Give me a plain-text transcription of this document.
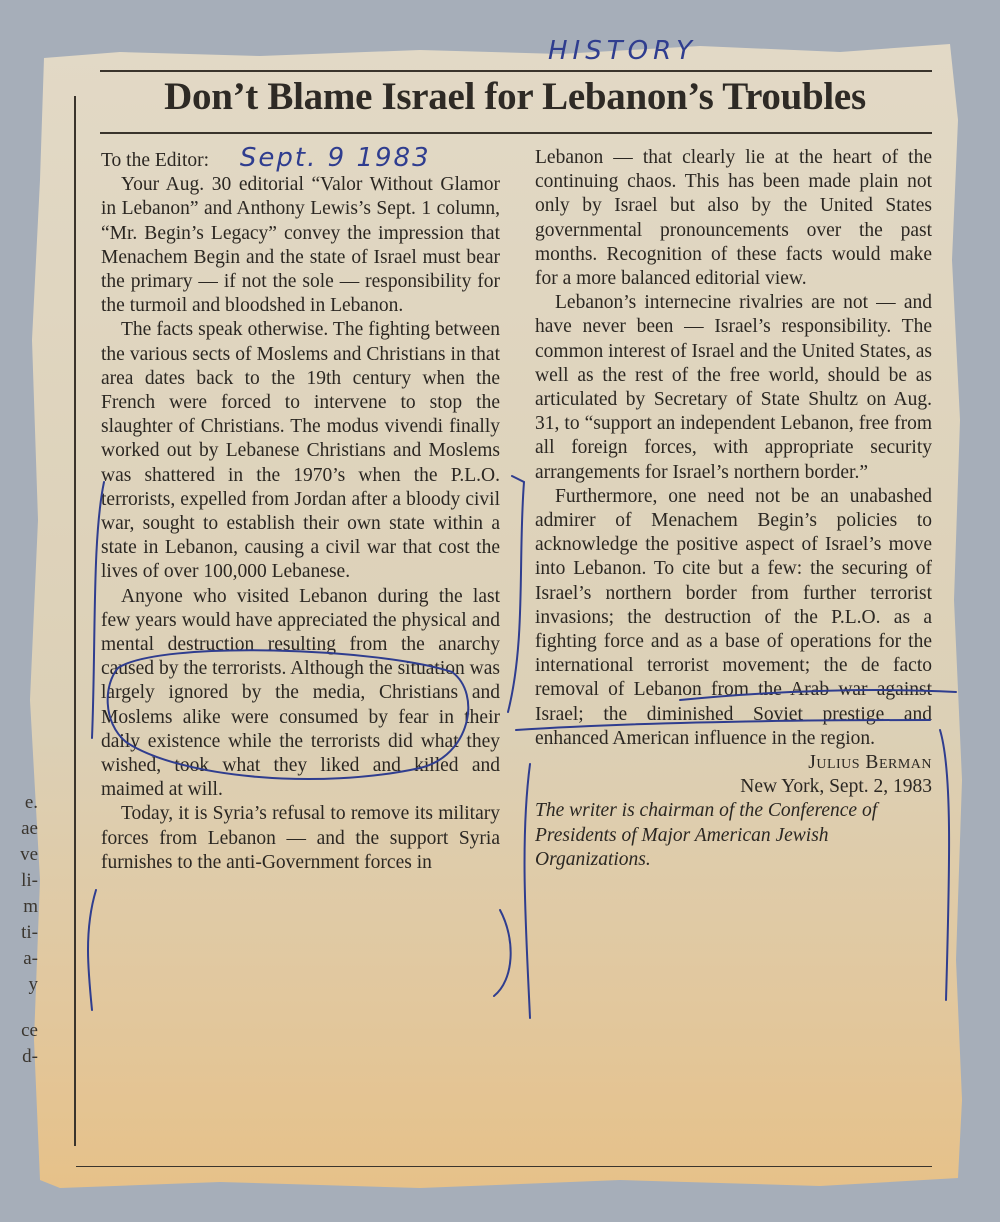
HISTORY
Don’t Blame Israel for Lebanon’s Troubles
e.
ae
ve
li-
m
ti-
a-
y
ce
d-

To the Editor: Sept. 9 1983

Your Aug. 30 editorial “Valor Without Glamor in Lebanon” and Anthony Lewis’s Sept. 1 column, “Mr. Begin’s Legacy” convey the impression that Menachem Begin and the state of Israel must bear the primary — if not the sole — responsibility for the turmoil and bloodshed in Lebanon.

The facts speak otherwise. The fighting between the various sects of Moslems and Christians in that area dates back to the 19th century when the French were forced to intervene to stop the slaughter of Christians. The modus vivendi finally worked out by Lebanese Christians and Moslems was shattered in the 1970’s when the P.L.O. terrorists, expelled from Jordan after a bloody civil war, sought to establish their own state within a state in Lebanon, causing a civil war that cost the lives of over 100,000 Lebanese.

Anyone who visited Lebanon during the last few years would have appreciated the physical and mental destruction resulting from the anarchy caused by the terrorists. Although the situation was largely ignored by the media, Christians and Moslems alike were consumed by fear in their daily existence while the terrorists did what they wished, took what they liked and killed and maimed at will.

Today, it is Syria’s refusal to remove its military forces from Lebanon — and the support Syria furnishes to the anti-Government forces in

Lebanon — that clearly lie at the heart of the continuing chaos. This has been made plain not only by Israel but also by the United States governmental pronouncements over the past months. Recognition of these facts would make for a more balanced editorial view.

Lebanon’s internecine rivalries are not — and have never been — Israel’s responsibility. The common interest of Israel and the United States, as well as the rest of the free world, should be as articulated by Secretary of State Shultz on Aug. 31, to “support an independent Lebanon, free from all foreign forces, with appropriate security arrangements for Israel’s northern border.”

Furthermore, one need not be an unabashed admirer of Menachem Begin’s policies to acknowledge the positive aspect of Israel’s move into Lebanon. To cite but a few: the securing of Israel’s northern border from further terrorist invasions; the destruction of the P.L.O. as a fighting force and as a base of operations for the international terrorist movement; the de facto removal of Lebanon from the Arab war against Israel; the diminished Soviet prestige and enhanced American influence in the region.

Julius Berman
New York, Sept. 2, 1983
The writer is chairman of the Conference of Presidents of Major American Jewish Organizations.
